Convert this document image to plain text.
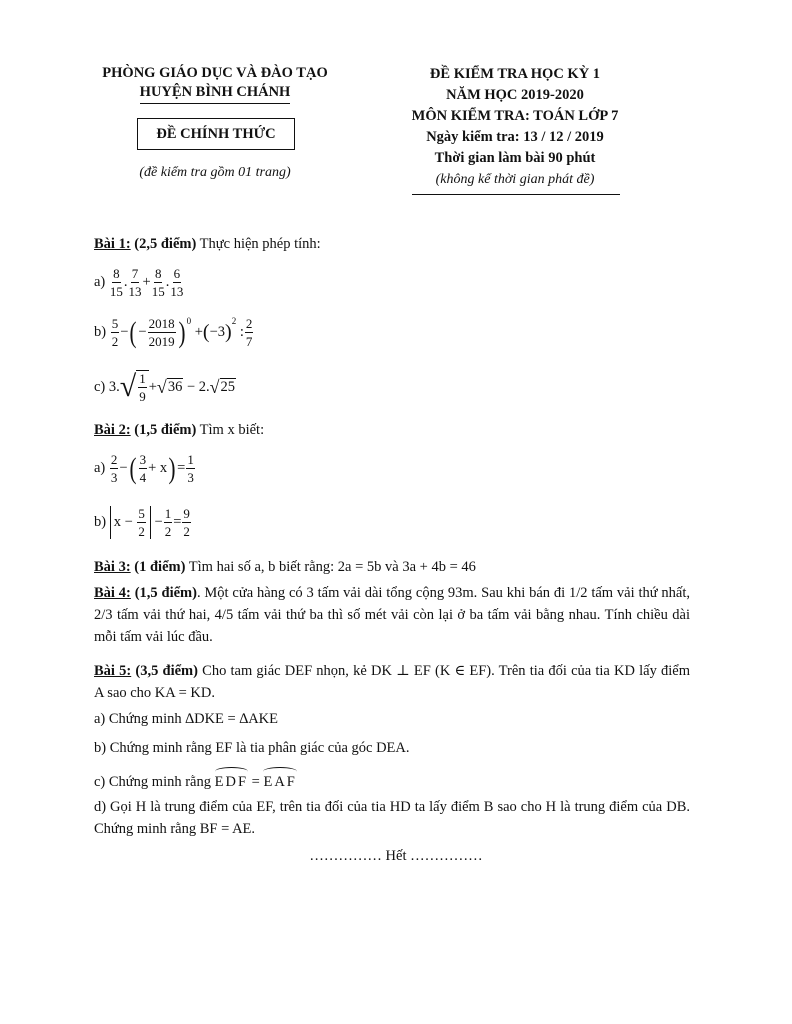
PHÒNG GIÁO DỤC VÀ ĐÀO TẠO
HUYỆN BÌNH CHÁNH
ĐỀ CHÍNH THỨC
(đề kiểm tra gồm 01 trang)
ĐỀ KIỂM TRA HỌC KỲ 1
NĂM HỌC 2019-2020
MÔN KIỂM TRA: TOÁN LỚP 7
Ngày kiểm tra: 13 / 12 / 2019
Thời gian làm bài 90 phút
(không kể thời gian phát đề)
Bài 1: (2,5 điểm) Thực hiện phép tính:
a)
$\frac{8}{15}$ . $\frac{7}{13} + \frac{8}{15}$ . $\frac{6}{13}$
b)
$\frac{5}{2}$ − ( − $\frac{2018}{2019}$ ) 0

+ ( −3 )
2

: $\frac{2}{7}$
c)
3. √ $\frac{1}{9}$ + √ 36
− 2. √ 25
Bài 2: (1,5 điểm) Tìm x biết:
a)
$\frac{2}{3}$ − ( $\frac{3}{4} + x$ ) = $\frac{1}{3}$
b)
$x - \frac{5}{2}$
− $\frac{1}{2} = \frac{9}{2}$
Bài 3: (1 điểm) Tìm hai số a, b biết rằng: 2a = 5b và 3a + 4b = 46
Bài 4: (1,5 điểm). Một cửa hàng có 3 tấm vải dài tổng cộng 93m. Sau khi bán đi 1/2 tấm vải thứ nhất, 2/3 tấm vải thứ hai, 4/5 tấm vải thứ ba thì số mét vải còn lại ở ba tấm vải bằng nhau. Tính chiều dài mỗi tấm vải lúc đầu.
Bài 5: (3,5 điểm) Cho tam giác DEF nhọn, kẻ DK ⊥ EF (K ∈ EF). Trên tia đối của tia KD lấy điểm A sao cho KA = KD.
a) Chứng minh ∆DKE = ∆AKE
b) Chứng minh rằng EF là tia phân giác của góc DEA.
c) Chứng minh rằng EDF = EAF
d) Gọi H là trung điểm của EF, trên tia đối của tia HD ta lấy điểm B sao cho H là trung điểm của DB. Chứng minh rằng BF = AE.
…………… Hết ……………
